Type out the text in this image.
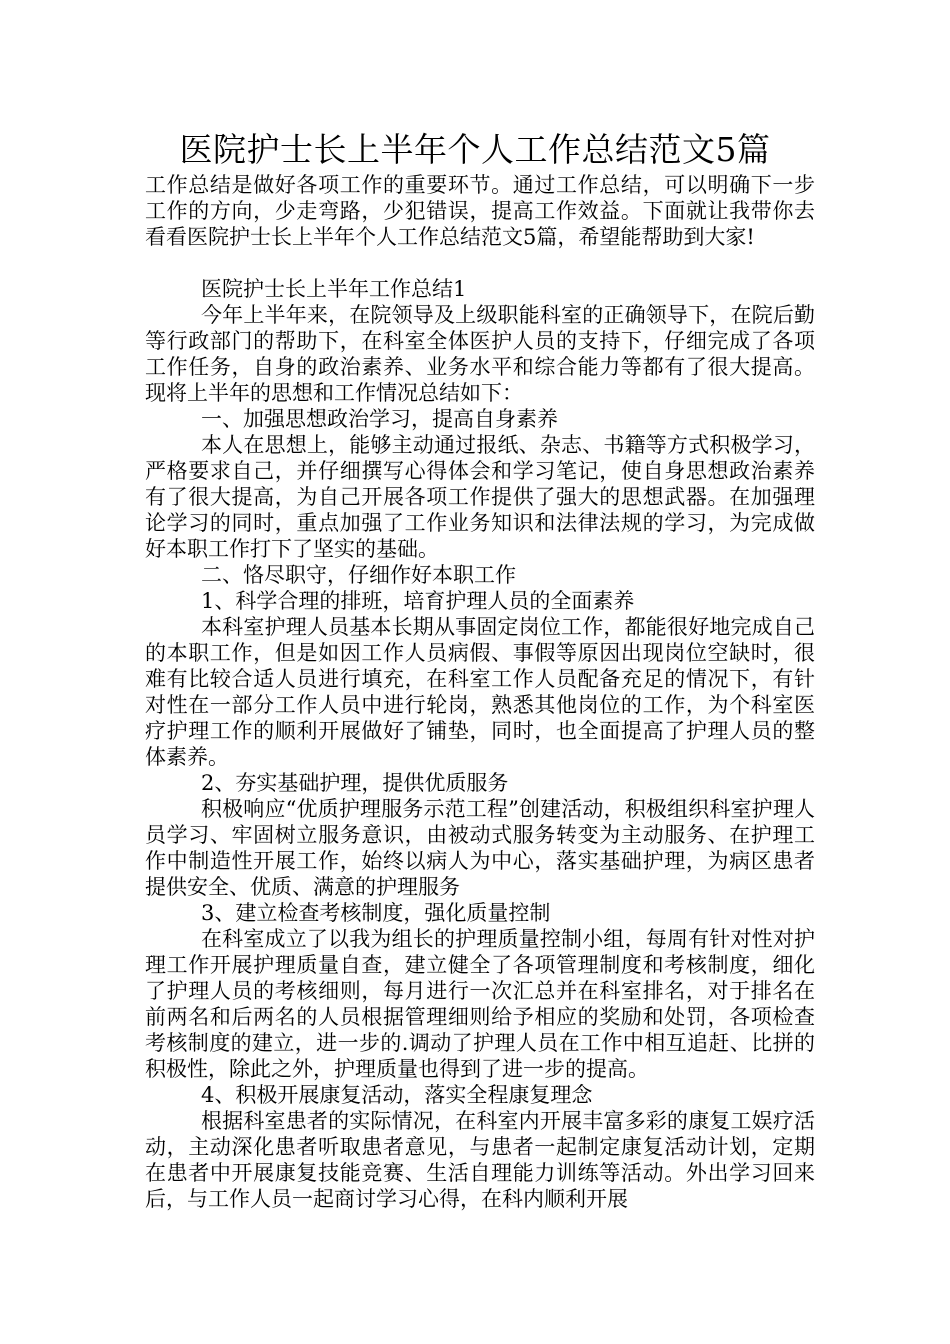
医院护士长上半年个人工作总结范文5篇

工作总结是做好各项工作的重要环节。通过工作总结，可以明确下一步工作的方向，少走弯路，少犯错误，提高工作效益。下面就让我带你去看看医院护士长上半年个人工作总结范文5篇，希望能帮助到大家!

医院护士长上半年工作总结1

今年上半年来，在院领导及上级职能科室的正确领导下，在院后勤等行政部门的帮助下，在科室全体医护人员的支持下，仔细完成了各项工作任务，自身的政治素养、业务水平和综合能力等都有了很大提高。现将上半年的思想和工作情况总结如下：

一、加强思想政治学习，提高自身素养

本人在思想上，能够主动通过报纸、杂志、书籍等方式积极学习，严格要求自己，并仔细撰写心得体会和学习笔记，使自身思想政治素养有了很大提高，为自己开展各项工作提供了强大的思想武器。在加强理论学习的同时，重点加强了工作业务知识和法律法规的学习，为完成做好本职工作打下了坚实的基础。

二、恪尽职守，仔细作好本职工作

1、科学合理的排班，培育护理人员的全面素养

本科室护理人员基本长期从事固定岗位工作，都能很好地完成自己的本职工作，但是如因工作人员病假、事假等原因出现岗位空缺时，很难有比较合适人员进行填充，在科室工作人员配备充足的情况下，有针对性在一部分工作人员中进行轮岗，熟悉其他岗位的工作，为个科室医疗护理工作的顺利开展做好了铺垫，同时，也全面提高了护理人员的整体素养。

2、夯实基础护理，提供优质服务

积极响应“优质护理服务示范工程”创建活动，积极组织科室护理人员学习、牢固树立服务意识，由被动式服务转变为主动服务、在护理工作中制造性开展工作，始终以病人为中心，落实基础护理，为病区患者提供安全、优质、满意的护理服务

3、建立检查考核制度，强化质量控制

在科室成立了以我为组长的护理质量控制小组，每周有针对性对护理工作开展护理质量自查，建立健全了各项管理制度和考核制度，细化了护理人员的考核细则，每月进行一次汇总并在科室排名，对于排名在前两名和后两名的人员根据管理细则给予相应的奖励和处罚，各项检查考核制度的建立，进一步的.调动了护理人员在工作中相互追赶、比拼的积极性，除此之外，护理质量也得到了进一步的提高。

4、积极开展康复活动，落实全程康复理念

根据科室患者的实际情况，在科室内开展丰富多彩的康复工娱疗活动，主动深化患者听取患者意见，与患者一起制定康复活动计划，定期在患者中开展康复技能竞赛、生活自理能力训练等活动。外出学习回来后，与工作人员一起商讨学习心得，在科内顺利开展
